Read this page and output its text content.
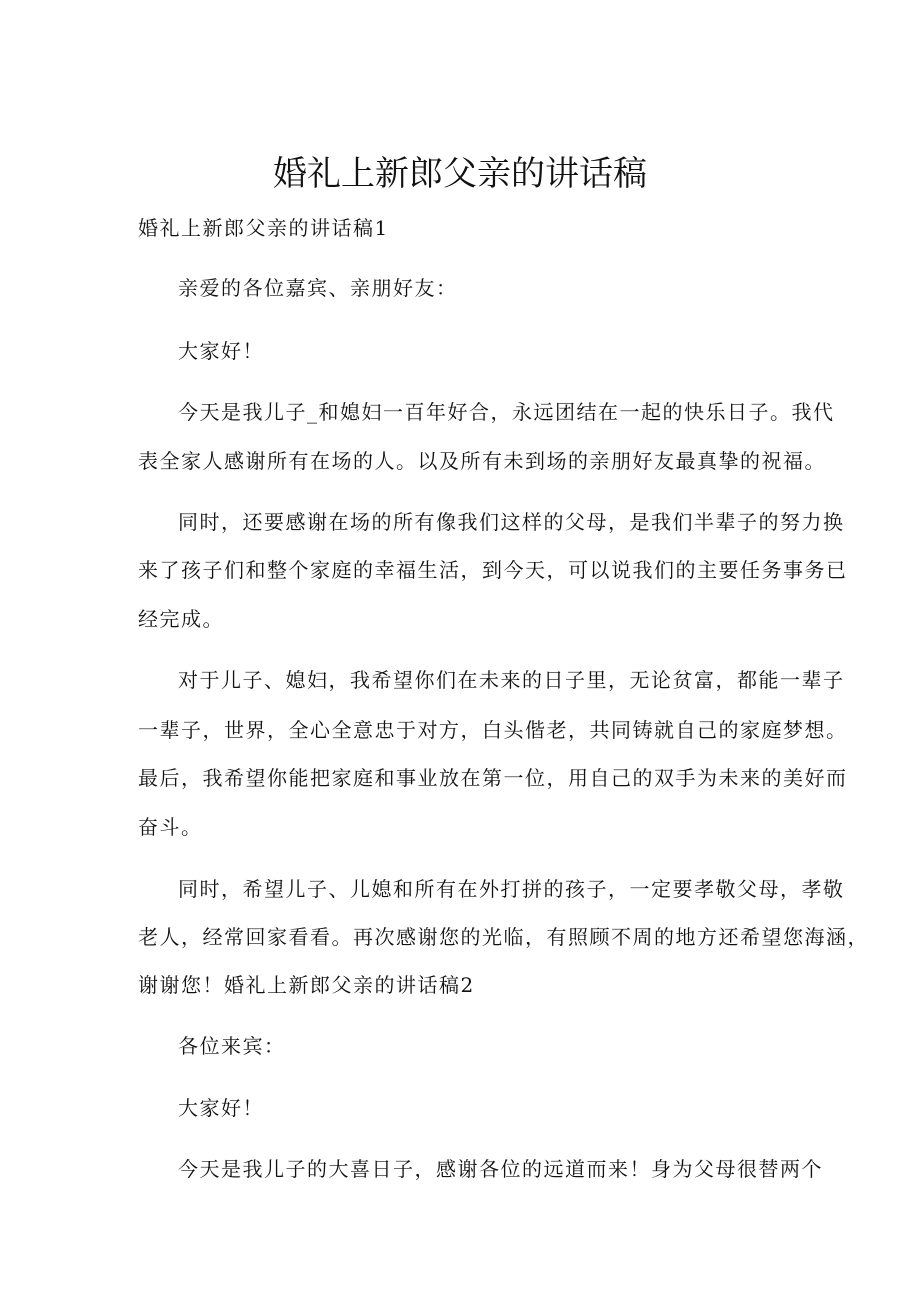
婚礼上新郎父亲的讲话稿

婚礼上新郎父亲的讲话稿1

亲爱的各位嘉宾、亲朋好友：

大家好！

今天是我儿子_和媳妇一百年好合，永远团结在一起的快乐日子。我代

表全家人感谢所有在场的人。以及所有未到场的亲朋好友最真挚的祝福。

同时，还要感谢在场的所有像我们这样的父母，是我们半辈子的努力换

来了孩子们和整个家庭的幸福生活，到今天，可以说我们的主要任务事务已

经完成。

对于儿子、媳妇，我希望你们在未来的日子里，无论贫富，都能一辈子

一辈子，世界，全心全意忠于对方，白头偕老，共同铸就自己的家庭梦想。

最后，我希望你能把家庭和事业放在第一位，用自己的双手为未来的美好而

奋斗。

同时，希望儿子、儿媳和所有在外打拼的孩子，一定要孝敬父母，孝敬

老人，经常回家看看。再次感谢您的光临，有照顾不周的地方还希望您海涵，

谢谢您！婚礼上新郎父亲的讲话稿2

各位来宾：

大家好！

今天是我儿子的大喜日子，感谢各位的远道而来！身为父母很替两个
